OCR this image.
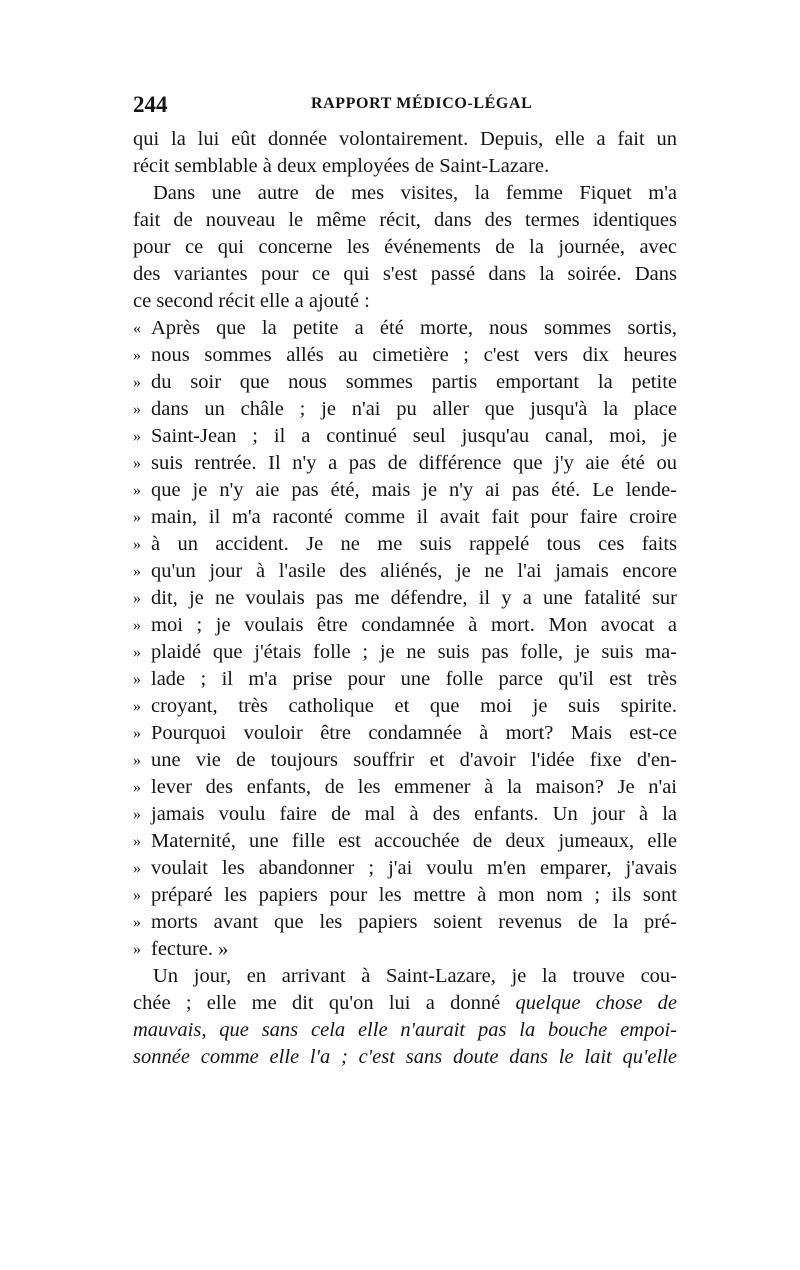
244	RAPPORT MÉDICO-LÉGAL
qui la lui eût donnée volontairement. Depuis, elle a fait un
récit semblable à deux employées de Saint-Lazare.
Dans une autre de mes visites, la femme Fiquet m'a
fait de nouveau le même récit, dans des termes identiques
pour ce qui concerne les événements de la journée, avec
des variantes pour ce qui s'est passé dans la soirée. Dans
ce second récit elle a ajouté :
« Après que la petite a été morte, nous sommes sortis,
» nous sommes allés au cimetière ; c'est vers dix heures
» du soir que nous sommes partis emportant la petite
» dans un châle ; je n'ai pu aller que jusqu'à la place
» Saint-Jean ; il a continué seul jusqu'au canal, moi, je
» suis rentrée. Il n'y a pas de différence que j'y aie été ou
» que je n'y aie pas été, mais je n'y ai pas été. Le lende-
» main, il m'a raconté comme il avait fait pour faire croire
» à un accident. Je ne me suis rappelé tous ces faits
» qu'un jour à l'asile des aliénés, je ne l'ai jamais encore
» dit, je ne voulais pas me défendre, il y a une fatalité sur
» moi ; je voulais être condamnée à mort. Mon avocat a
» plaidé que j'étais folle ; je ne suis pas folle, je suis ma-
» lade ; il m'a prise pour une folle parce qu'il est très
» croyant, très catholique et que moi je suis spirite.
» Pourquoi vouloir être condamnée à mort? Mais est-ce
» une vie de toujours souffrir et d'avoir l'idée fixe d'en-
» lever des enfants, de les emmener à la maison? Je n'ai
» jamais voulu faire de mal à des enfants. Un jour à la
» Maternité, une fille est accouchée de deux jumeaux, elle
» voulait les abandonner ; j'ai voulu m'en emparer, j'avais
» préparé les papiers pour les mettre à mon nom ; ils sont
» morts avant que les papiers soient revenus de la pré-
» fecture. »
Un jour, en arrivant à Saint-Lazare, je la trouve cou-
chée ; elle me dit qu'on lui a donné quelque chose de
mauvais, que sans cela elle n'aurait pas la bouche empoi-
sonnée comme elle l'a ; c'est sans doute dans le lait qu'elle
